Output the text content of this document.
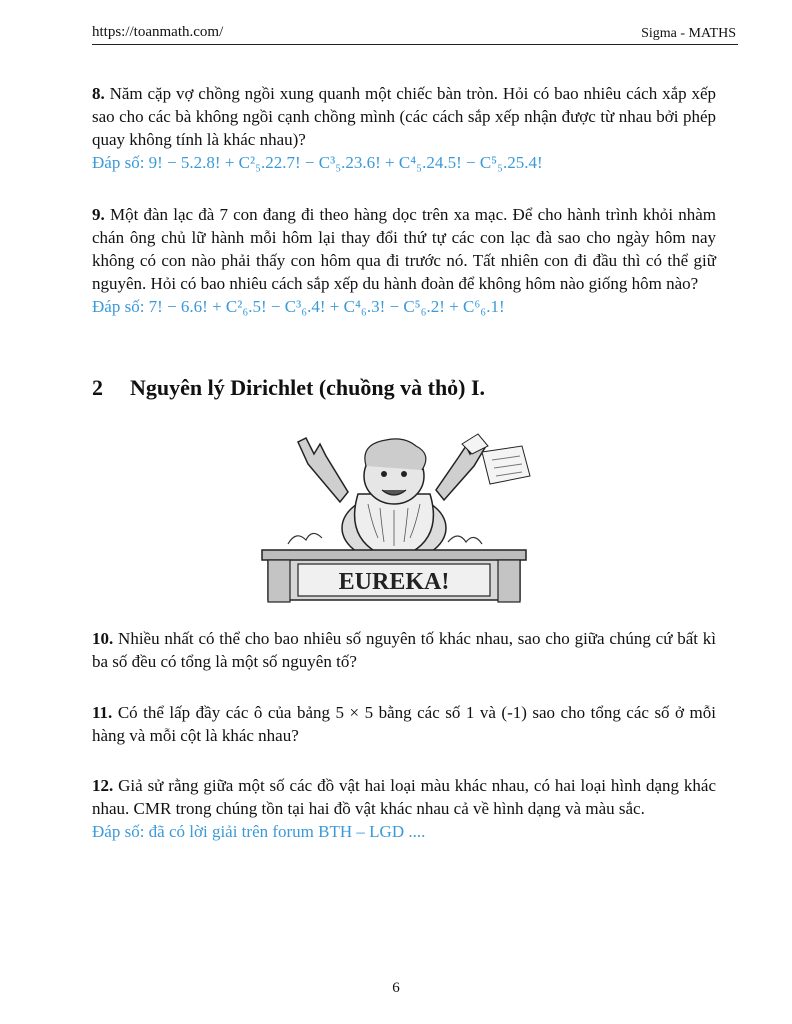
https://toanmath.com/	Sigma - MATHS
8. Năm cặp vợ chồng ngồi xung quanh một chiếc bàn tròn. Hỏi có bao nhiêu cách xắp xếp sao cho các bà không ngồi cạnh chồng mình (các cách sắp xếp nhận được từ nhau bởi phép quay không tính là khác nhau)?
Đáp số: 9! − 5.2.8! + C²₅.22.7! − C³₅.23.6! + C⁴₅.24.5! − C⁵₅.25.4!
9. Một đàn lạc đà 7 con đang đi theo hàng dọc trên xa mạc. Để cho hành trình khỏi nhàm chán ông chủ lữ hành mỗi hôm lại thay đổi thứ tự các con lạc đà sao cho ngày hôm nay không có con nào phải thấy con hôm qua đi trước nó. Tất nhiên con đi đầu thì có thể giữ nguyên. Hỏi có bao nhiêu cách sắp xếp du hành đoàn để không hôm nào giống hôm nào?
Đáp số: 7! − 6.6! + C²₆.5! − C³₆.4! + C⁴₆.3! − C⁵₆.2! + C⁶₆.1!
2 Nguyên lý Dirichlet (chuồng và thỏ) I.
EUREKA!
10. Nhiều nhất có thể cho bao nhiêu số nguyên tố khác nhau, sao cho giữa chúng cứ bất kì ba số đều có tổng là một số nguyên tố?
11. Có thể lấp đầy các ô của bảng 5 × 5 bằng các số 1 và (-1) sao cho tổng các số ở mỗi hàng và mỗi cột là khác nhau?
12. Giả sử rằng giữa một số các đồ vật hai loại màu khác nhau, có hai loại hình dạng khác nhau. CMR trong chúng tồn tại hai đồ vật khác nhau cả về hình dạng và màu sắc.
Đáp số: đã có lời giải trên forum BTH – LGD ....
6
